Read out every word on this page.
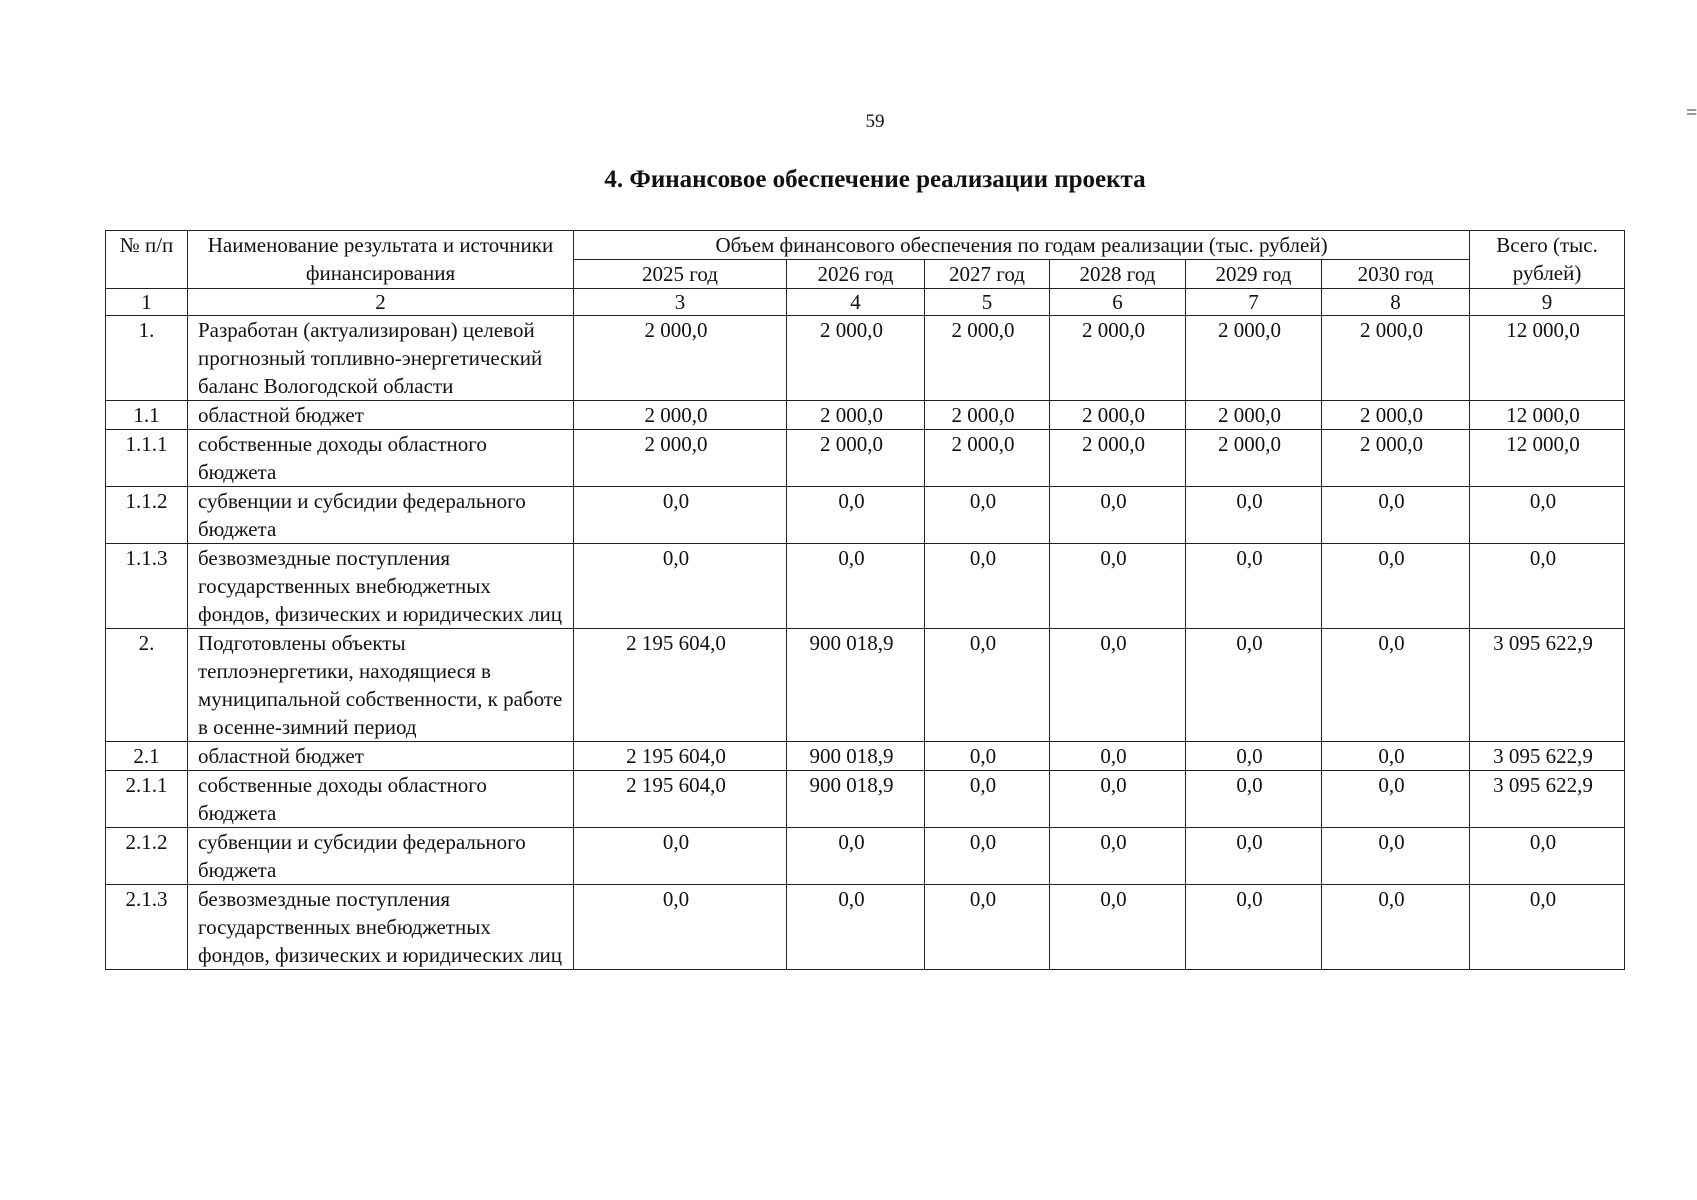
59	=
4. Финансовое обеспечение реализации проекта
№ п/п	Наименование результата и источники финансирования	Объем финансового обеспечения по годам реализации (тыс. рублей)						Всего (тыс. рублей)
		2025 год	2026 год	2027 год	2028 год	2029 год	2030 год	
1	2	3	4	5	6	7	8	9
1.	Разработан (актуализирован) целевой прогнозный топливно-энергетический баланс Вологодской области	2 000,0	2 000,0	2 000,0	2 000,0	2 000,0	2 000,0	12 000,0
1.1	областной бюджет	2 000,0	2 000,0	2 000,0	2 000,0	2 000,0	2 000,0	12 000,0
1.1.1	собственные доходы областного бюджета	2 000,0	2 000,0	2 000,0	2 000,0	2 000,0	2 000,0	12 000,0
1.1.2	субвенции и субсидии федерального бюджета	0,0	0,0	0,0	0,0	0,0	0,0	0,0
1.1.3	безвозмездные поступления государственных внебюджетных фондов, физических и юридических лиц	0,0	0,0	0,0	0,0	0,0	0,0	0,0
2.	Подготовлены объекты теплоэнергетики, находящиеся в муниципальной собственности, к работе в осенне-зимний период	2 195 604,0	900 018,9	0,0	0,0	0,0	0,0	3 095 622,9
2.1	областной бюджет	2 195 604,0	900 018,9	0,0	0,0	0,0	0,0	3 095 622,9
2.1.1	собственные доходы областного бюджета	2 195 604,0	900 018,9	0,0	0,0	0,0	0,0	3 095 622,9
2.1.2	субвенции и субсидии федерального бюджета	0,0	0,0	0,0	0,0	0,0	0,0	0,0
2.1.3	безвозмездные поступления государственных внебюджетных фондов, физических и юридических лиц	0,0	0,0	0,0	0,0	0,0	0,0	0,0
